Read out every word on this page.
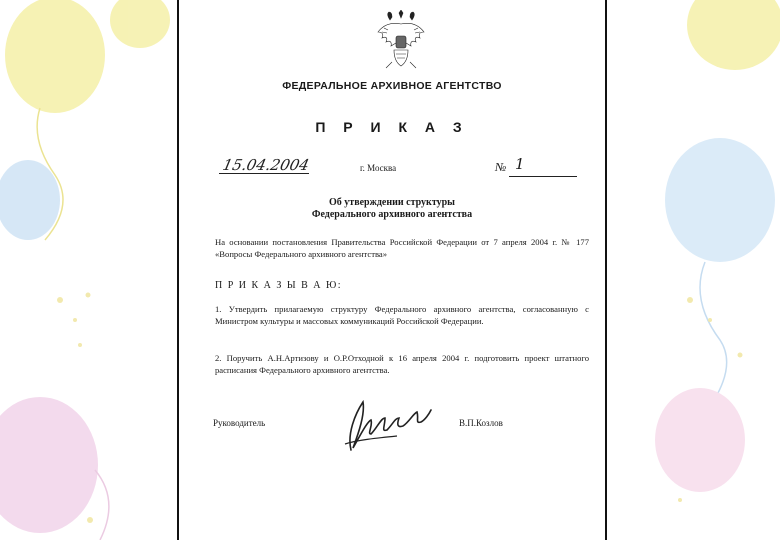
ФЕДЕРАЛЬНОЕ АРХИВНОЕ АГЕНТСТВО
П Р И К А З
15.04.2004	г. Москва	№ 1
Об утверждении структуры
Федерального архивного агентства
На основании постановления Правительства Российской Федерации от 7 апреля 2004 г. № 177 «Вопросы Федерального архивного агентства»
П Р И К А З Ы В А Ю:
1. Утвердить прилагаемую структуру Федерального архивного агентства, согласованную с Министром культуры и массовых коммуникаций Российской Федерации.
2. Поручить А.Н.Артизову и О.Р.Отходной к 16 апреля 2004 г. подготовить проект штатного расписания Федерального архивного агентства.
Руководитель	В.П.Козлов
